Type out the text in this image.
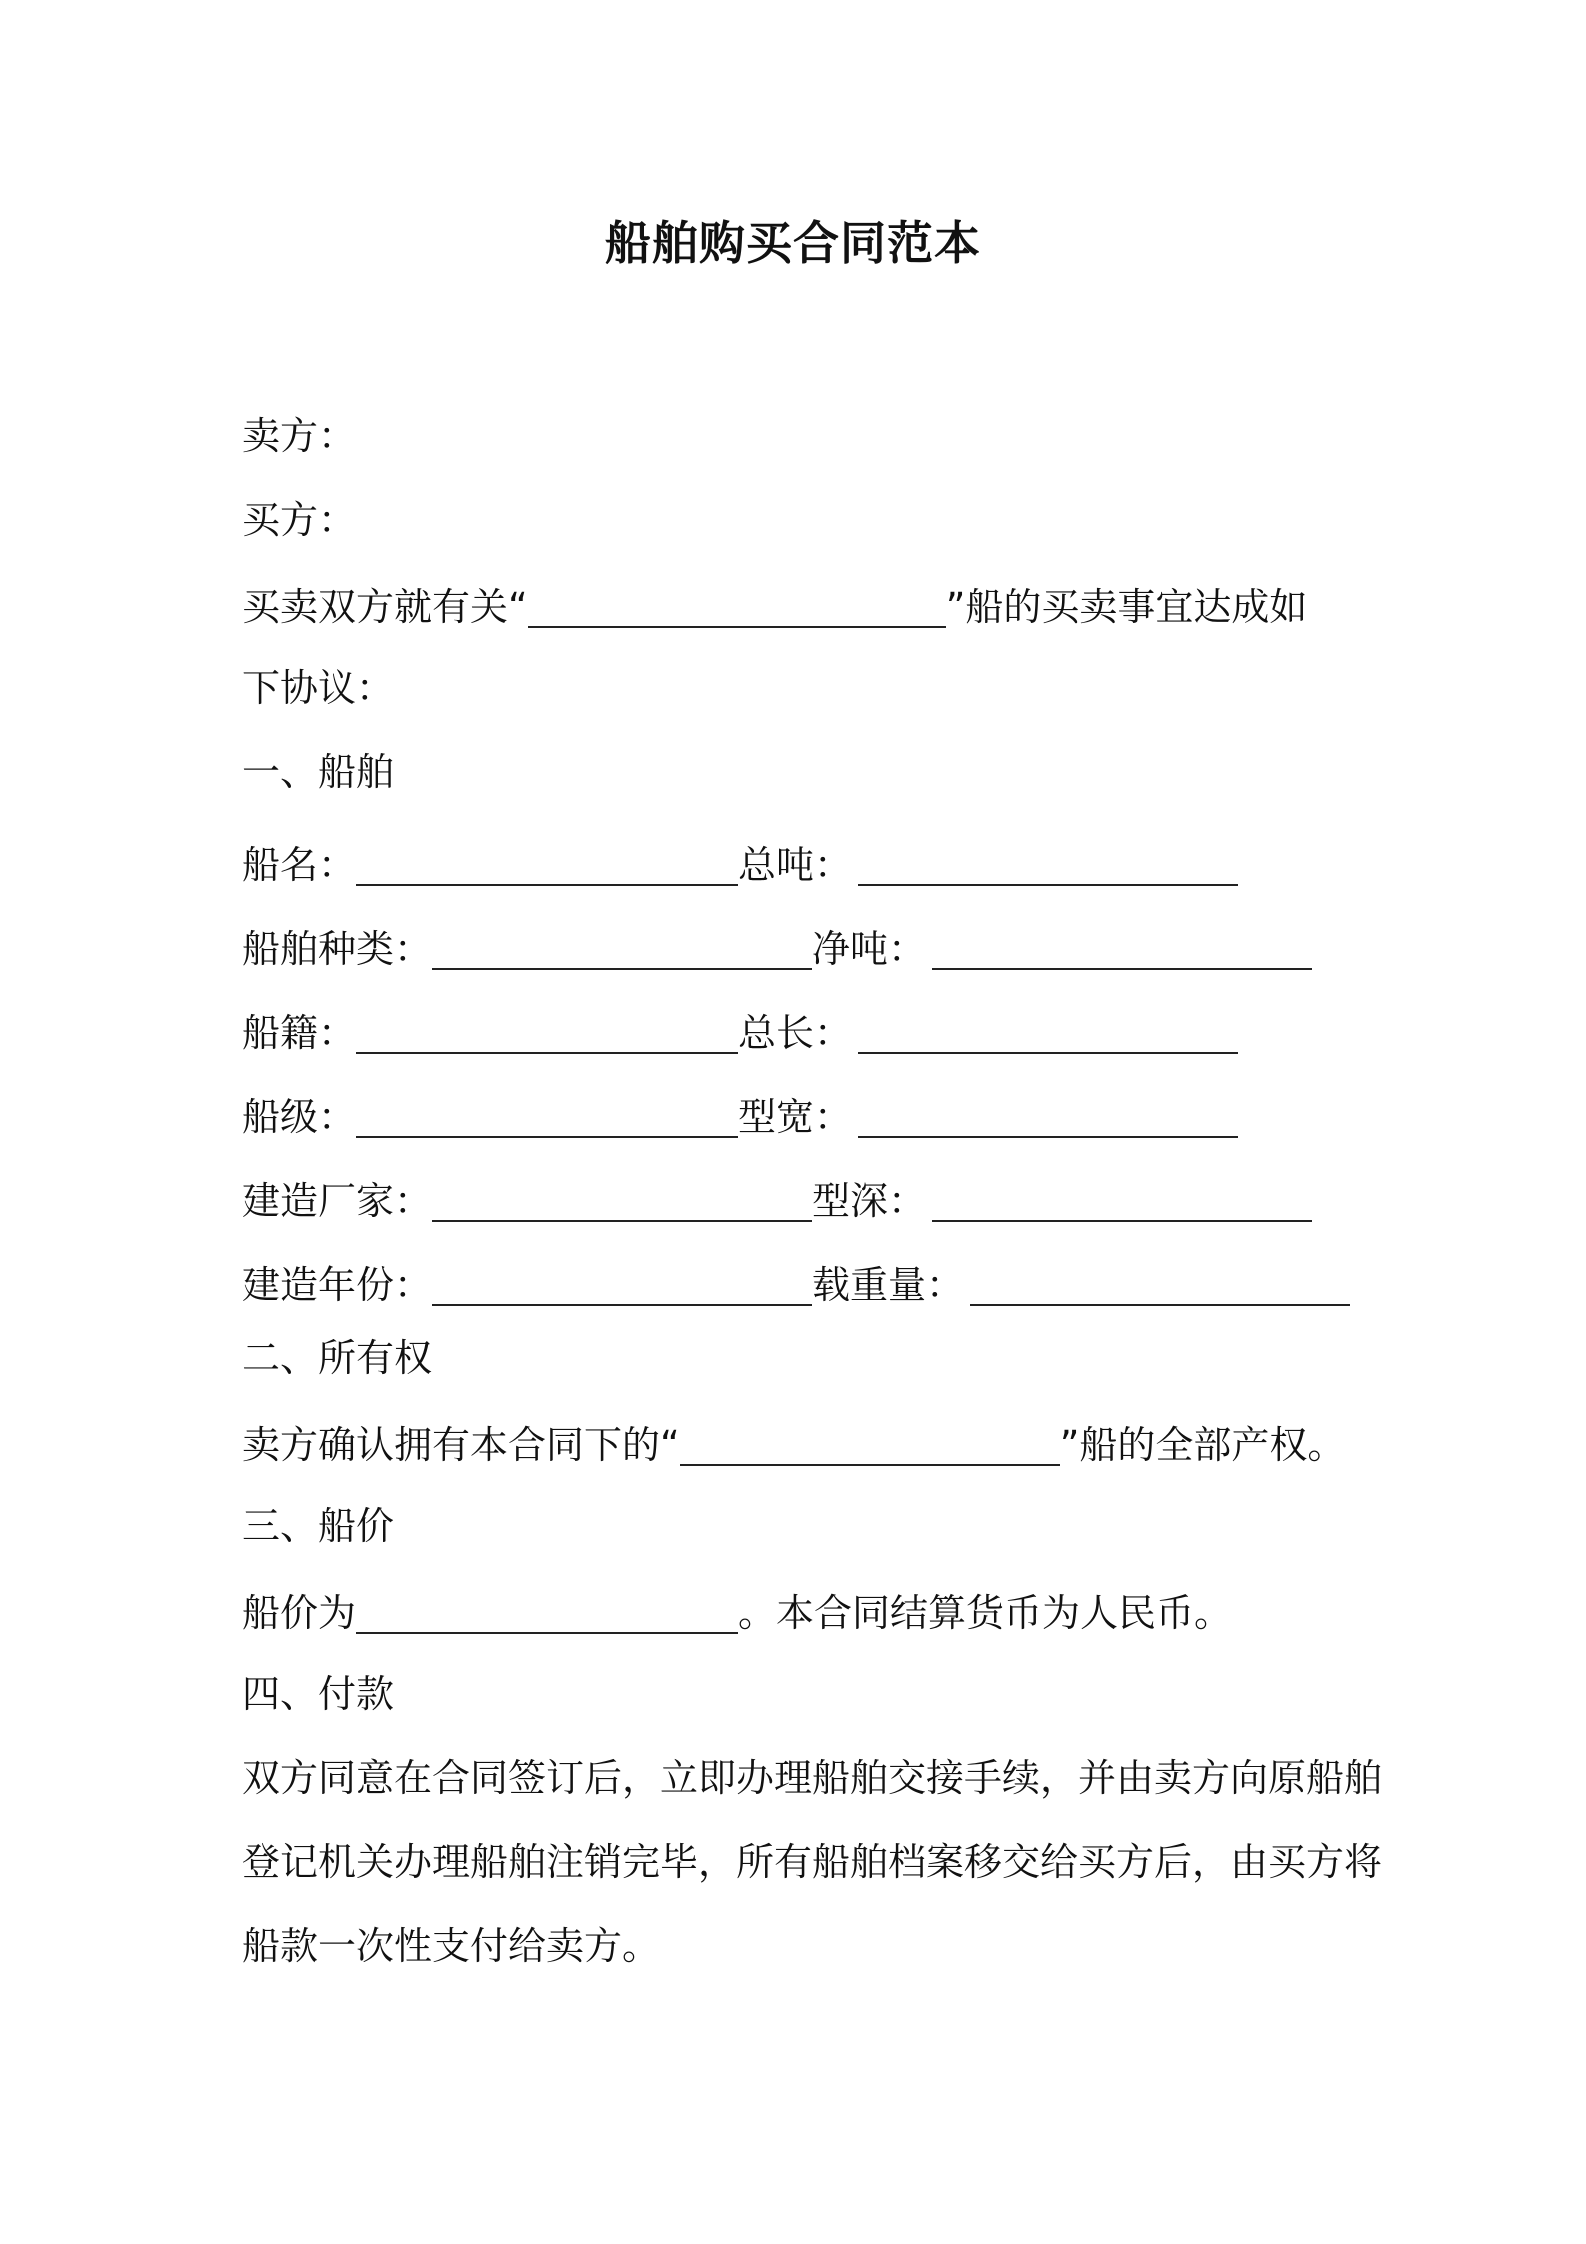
船舶购买合同范本
卖方：
买方：
买卖双方就有关“	”船的买卖事宜达成如
下协议：
一、船舶
船名：	总吨：
船舶种类：	净吨：
船籍：	总长：
船级：	型宽：
建造厂家：	型深：
建造年份：	载重量：
二、所有权
卖方确认拥有本合同下的“	”船的全部产权。
三、船价
船价为	。本合同结算货币为人民币。
四、付款
双方同意在合同签订后，立即办理船舶交接手续，并由卖方向原船舶
登记机关办理船舶注销完毕，所有船舶档案移交给买方后，由买方将
船款一次性支付给卖方。
